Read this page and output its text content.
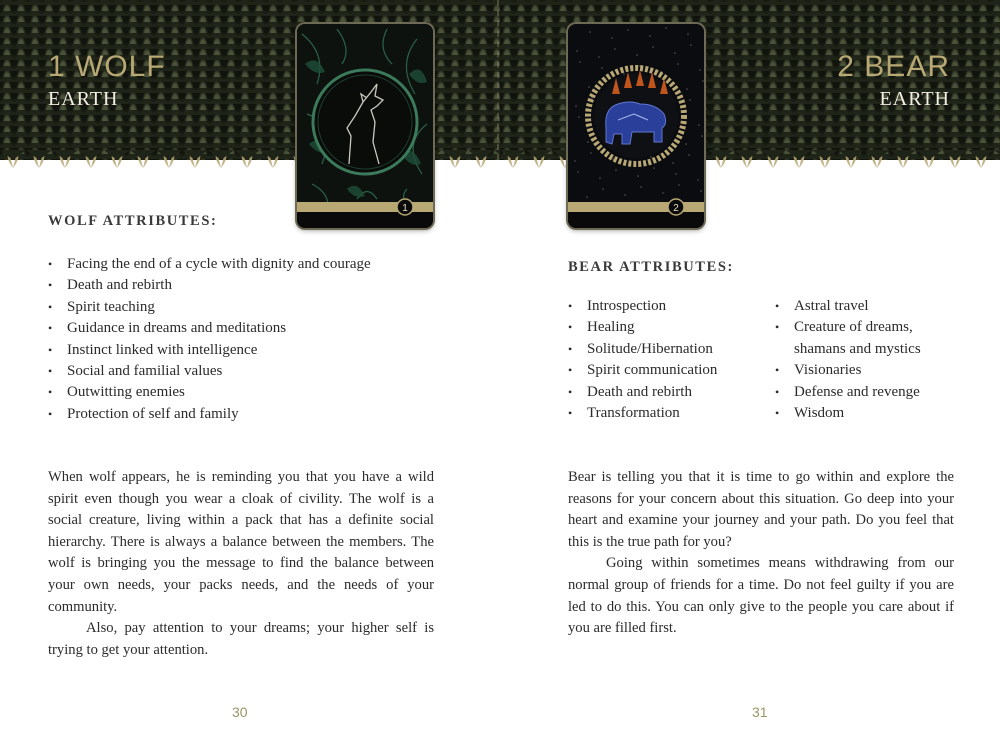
1 WOLF
EARTH
1
WOLF ATTRIBUTES:
• Facing the end of a cycle with dignity and courage
• Death and rebirth
• Spirit teaching
• Guidance in dreams and meditations
• Instinct linked with intelligence
• Social and familial values
• Outwitting enemies
• Protection of self and family

When wolf appears, he is reminding you that you have a wild spirit even though you wear a cloak of civility. The wolf is a social creature, living within a pack that has a definite social hierarchy. There is always a balance between the members. The wolf is bringing you the message to find the balance between your own needs, your packs needs, and the needs of your community.

Also, pay attention to your dreams; your higher self is trying to get your attention.

30
2 BEAR
EARTH
2
BEAR ATTRIBUTES:
• Introspection
• Healing
• Solitude/Hibernation
• Spirit communication
• Death and rebirth
• Transformation
• Astral travel
• Creature of dreams, shamans and mystics
• Visionaries
• Defense and revenge
• Wisdom

Bear is telling you that it is time to go within and explore the reasons for your concern about this situation. Go deep into your heart and examine your journey and your path. Do you feel that this is the true path for you?

Going within sometimes means withdrawing from our normal group of friends for a time. Do not feel guilty if you are led to do this. You can only give to the people you care about if you are filled first.

31
